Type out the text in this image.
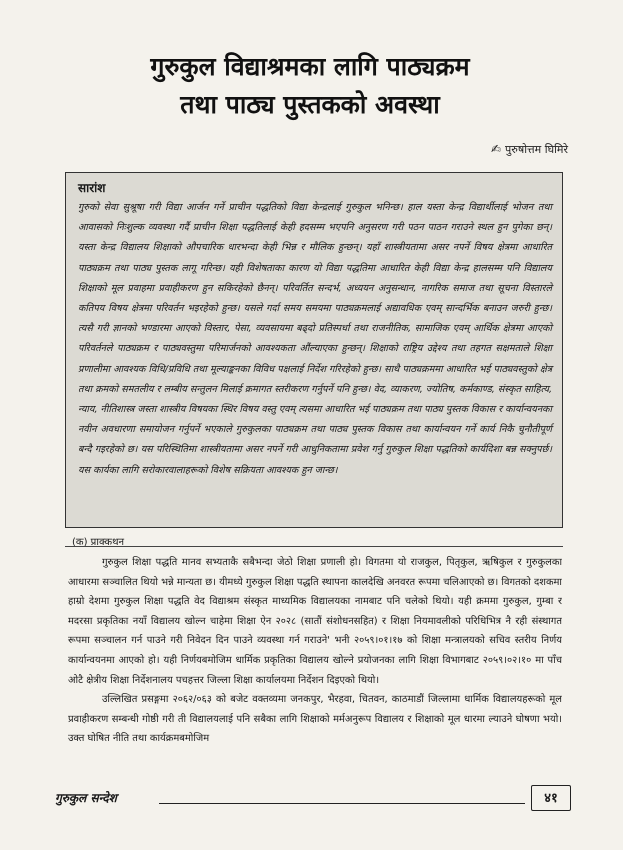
गुरुकुल विद्याश्रमका लागि पाठ्यक्रम
तथा पाठ्य पुस्तकको अवस्था
✍ पुरुषोत्तम घिमिरे
सारांश

गुरुको सेवा सुश्रूषा गरी विद्या आर्जन गर्ने प्राचीन पद्धतिको विद्या केन्द्रलाई गुरुकुल भनिन्छ। हाल यस्ता केन्द्र विद्यार्थीलाई भोजन तथा आवासको निःशुल्क व्यवस्था गर्दै प्राचीन शिक्षा पद्धतिलाई केही हदसम्म भएपनि अनुसरण गरी पठन पाठन गराउने स्थल हुन पुगेका छन्। यस्ता केन्द्र विद्यालय शिक्षाको औपचारिक धारभन्दा केही भिन्न र मौलिक हुन्छन्। यहाँ शास्त्रीयतामा असर नपर्ने विषय क्षेत्रमा आधारित पाठ्यक्रम तथा पाठ्य पुस्तक लागू गरिन्छ। यही विशेषताका कारण यो विद्या पद्धतिमा आधारित केही विद्या केन्द्र हालसम्म पनि विद्यालय शिक्षाको मूल प्रवाहमा प्रवाहीकरण हुन सकिरहेको छैनन्। परिवर्तित सन्दर्भ, अध्ययन अनुसन्धान, नागरिक समाज तथा सूचना विस्तारले कतिपय विषय क्षेत्रमा परिवर्तन भइरहेको हुन्छ। यसले गर्दा समय समयमा पाठ्यक्रमलाई अद्यावधिक एवम् सान्दर्भिक बनाउन जरुरी हुन्छ। त्यसै गरी ज्ञानको भण्डारमा आएको विस्तार, पेसा, व्यवसायमा बढ्दो प्रतिस्पर्धा तथा राजनीतिक, सामाजिक एवम् आर्थिक क्षेत्रमा आएको परिवर्तनले पाठ्यक्रम र पाठ्यवस्तुमा परिमार्जनको आवश्यकता औंल्याएका हुन्छन्। शिक्षाको राष्ट्रिय उद्देश्य तथा तहगत सक्षमताले शिक्षा प्रणालीमा आवश्यक विधि/प्रविधि तथा मूल्याङ्कनका विविध पक्षलाई निर्देश गरिरहेको हुन्छ। साथै पाठ्यक्रममा आधारित भई पाठ्यवस्तुको क्षेत्र तथा क्रमको समतलीय र लम्बीय सन्तुलन मिलाई क्रमागत स्तरीकरण गर्नुपर्ने पनि हुन्छ। वेद, व्याकरण, ज्योतिष, कर्मकाण्ड, संस्कृत साहित्य, न्याय, नीतिशास्त्र जस्ता शास्त्रीय विषयका स्थिर विषय वस्तु एवम् त्यसमा आधारित भई पाठ्यक्रम तथा पाठ्य पुस्तक विकास र कार्यान्वयनका नवीन अवधारणा समायोजन गर्नुपर्ने भएकाले गुरुकुलका पाठ्यक्रम तथा पाठ्य पुस्तक विकास तथा कार्यान्वयन गर्ने कार्य निकै चुनौतीपूर्ण बन्दै गइरहेको छ। यस परिस्थितिमा शास्त्रीयतामा असर नपर्ने गरी आधुनिकतामा प्रवेश गर्नु गुरुकुल शिक्षा पद्धतिको कार्यदिशा बन्न सक्नुपर्छ। यस कार्यका लागि सरोकारवालाहरूको विशेष सक्रियता आवश्यक हुन जान्छ।

(क) प्राक्कथन

गुरुकुल शिक्षा पद्धति मानव सभ्यताकै सबैभन्दा जेठो शिक्षा प्रणाली हो। विगतमा यो राजकुल, पितृकुल, ऋषिकुल र गुरुकुलका आधारमा सञ्चालित थियो भन्ने मान्यता छ। यीमध्ये गुरुकुल शिक्षा पद्धति स्थापना कालदेखि अनवरत रूपमा चलिआएको छ। विगतको दशकमा हाम्रो देशमा गुरुकुल शिक्षा पद्धति वेद विद्याश्रम संस्कृत माध्यमिक विद्यालयका नामबाट पनि चलेको थियो। यही क्रममा गुरुकुल, गुम्बा र मदरसा प्रकृतिका नयाँ विद्यालय खोल्न चाहेमा शिक्षा ऐन २०२८ (सातौं संशोधनसहित) र शिक्षा नियमावलीको परिधिभित्र नै रही संस्थागत रूपमा सञ्चालन गर्न पाउने गरी निवेदन दिन पाउने व्यवस्था गर्न गराउने' भनी २०५९।०१।१७ को शिक्षा मन्त्रालयको सचिव स्तरीय निर्णय कार्यान्वयनमा आएको हो। यही निर्णयबमोजिम धार्मिक प्रकृतिका विद्यालय खोल्ने प्रयोजनका लागि शिक्षा विभागबाट २०५९।०२।१० मा पाँच ओटै क्षेत्रीय शिक्षा निर्देशनालय पचहत्तर जिल्ला शिक्षा कार्यालयमा निर्देशन दिइएको थियो।

उल्लिखित प्रसङ्गमा २०६२/०६३ को बजेट वक्तव्यमा जनकपुर, भैरहवा, चितवन, काठमाडौं जिल्लामा धार्मिक विद्यालयहरूको मूल प्रवाहीकरण सम्बन्धी गोष्ठी गरी ती विद्यालयलाई पनि सबैका लागि शिक्षाको मर्मअनुरूप विद्यालय र शिक्षाको मूल धारमा ल्याउने घोषणा भयो। उक्त घोषित नीति तथा कार्यक्रमबमोजिम

गुरुकुल सन्देश	४१
